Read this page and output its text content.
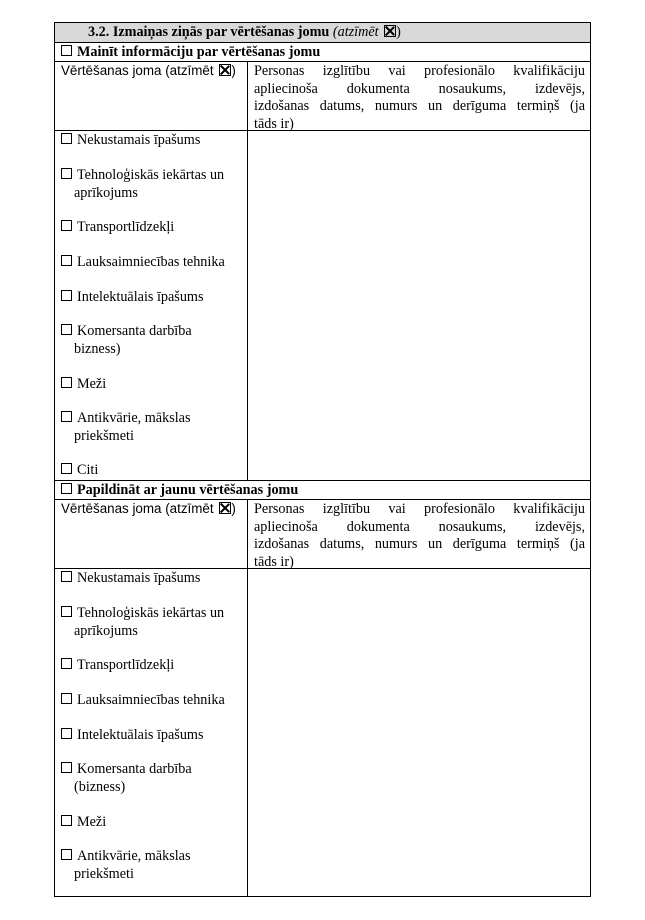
3.2. Izmaiņas ziņās par vērtēšanas jomu (atzīmēt )
Mainīt informāciju par vērtēšanas jomu
Vērtēšanas joma (atzīmēt ) Personas izglītību vai profesionālo kvalifikāciju
apliecinoša dokumenta nosaukums, izdevējs,
izdošanas datums, numurs un derīguma termiņš (ja
tāds ir)
Nekustamais īpašums
Tehnoloģiskās iekārtas un
aprīkojums
Transportlīdzekļi
Lauksaimniecības tehnika
Intelektuālais īpašums
Komersanta darbība
bizness)
Meži
Antikvārie, mākslas
priekšmeti
Citi
Papildināt ar jaunu vērtēšanas jomu
Vērtēšanas joma (atzīmēt ) Personas izglītību vai profesionālo kvalifikāciju
apliecinoša dokumenta nosaukums, izdevējs,
izdošanas datums, numurs un derīguma termiņš (ja
tāds ir)
Nekustamais īpašums
Tehnoloģiskās iekārtas un
aprīkojums
Transportlīdzekļi
Lauksaimniecības tehnika
Intelektuālais īpašums
Komersanta darbība
(bizness)
Meži
Antikvārie, mākslas
priekšmeti
